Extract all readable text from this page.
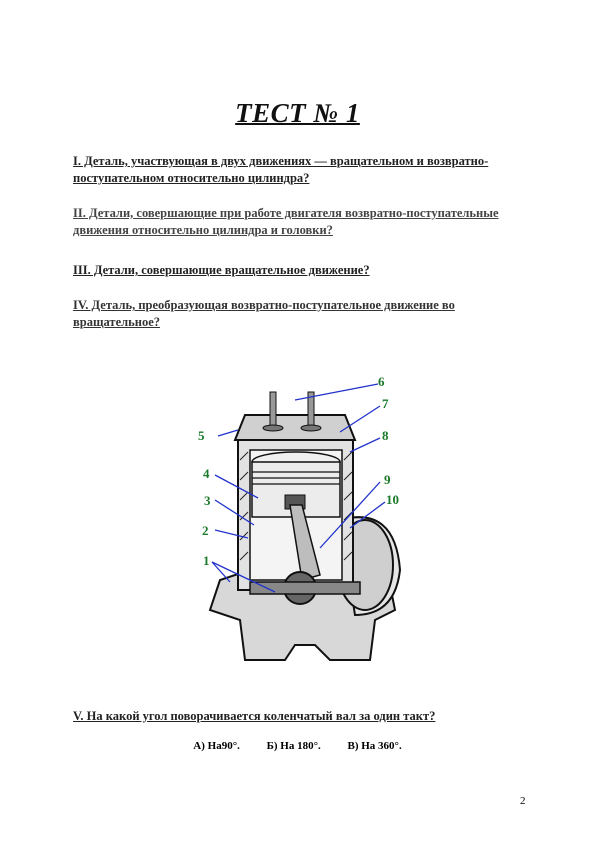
ТЕСТ № 1
I. Деталь, участвующая в двух движениях — вращательном и возвратно-поступательном относительно цилиндра?
II. Детали, совершающие при работе двигателя возвратно-поступательные движения относительно цилиндра и головки?
III. Детали, совершающие вращательное движение?
IV. Деталь, преобразующая возвратно-поступательное движение во вращательное?
1
2
3
4
5
6
7
8
9
10
V. На какой угол поворачивается коленчатый вал за один такт?
А) На90°. Б) На 180°. В) На 360°.
2
